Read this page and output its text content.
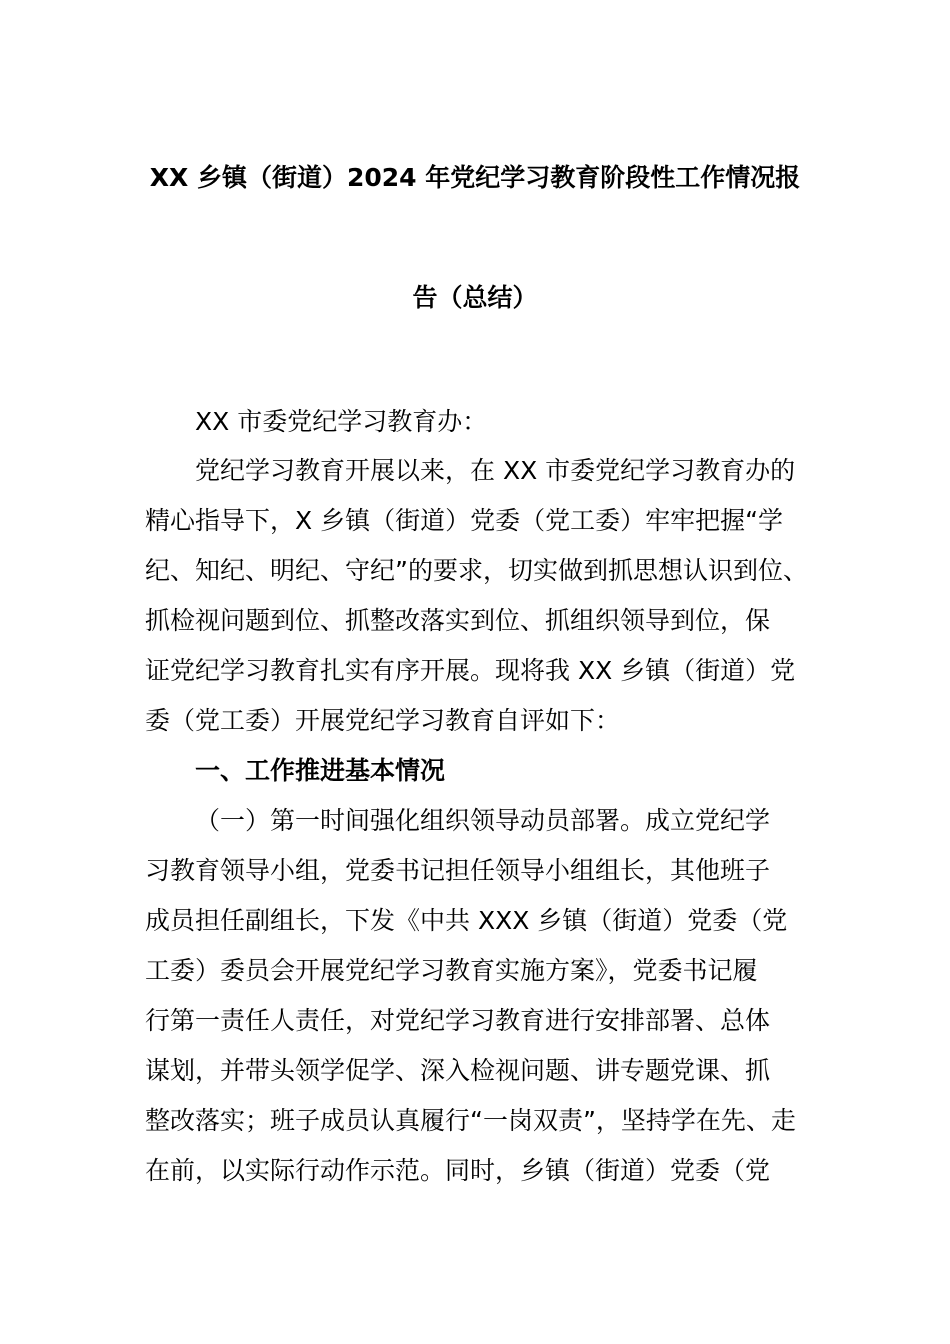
XX 乡镇（街道）2024 年党纪学习教育阶段性工作情况报
告（总结）
XX 市委党纪学习教育办：
党纪学习教育开展以来，在 XX 市委党纪学习教育办的
精心指导下，X 乡镇（街道）党委（党工委）牢牢把握“学
纪、知纪、明纪、守纪”的要求，切实做到抓思想认识到位、
抓检视问题到位、抓整改落实到位、抓组织领导到位，保
证党纪学习教育扎实有序开展。现将我 XX 乡镇（街道）党
委（党工委）开展党纪学习教育自评如下：
一、工作推进基本情况
（一）第一时间强化组织领导动员部署。成立党纪学
习教育领导小组，党委书记担任领导小组组长，其他班子
成员担任副组长，下发《中共 XXX 乡镇（街道）党委（党
工委）委员会开展党纪学习教育实施方案》，党委书记履
行第一责任人责任，对党纪学习教育进行安排部署、总体
谋划，并带头领学促学、深入检视问题、讲专题党课、抓
整改落实；班子成员认真履行“一岗双责”，坚持学在先、走
在前，以实际行动作示范。同时，乡镇（街道）党委（党
